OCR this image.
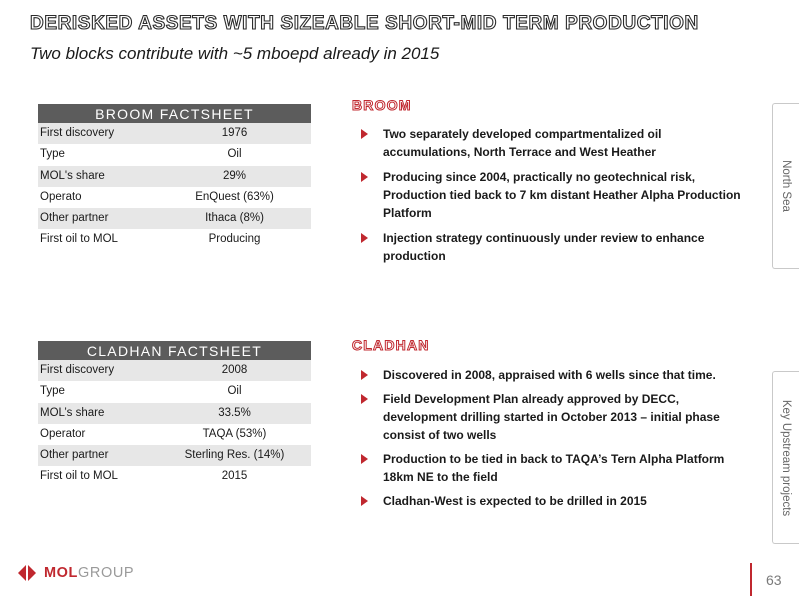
DERISKED ASSETS WITH SIZEABLE SHORT-MID TERM PRODUCTION
Two blocks contribute with ~5 mboepd already in 2015
BROOM FACTSHEET
First discovery	1976
Type	Oil
MOL's share	29%
Operato	EnQuest (63%)
Other partner	Ithaca (8%)
First oil to MOL	Producing
CLADHAN FACTSHEET
First discovery	2008
Type	Oil
MOL’s share	33.5%
Operator	TAQA (53%)
Other partner	Sterling Res. (14%)
First oil to MOL	2015
BROOM
Two separately developed compartmentalized oil accumulations, North Terrace and West Heather
Producing since 2004, practically no geotechnical risk, Production tied back to 7 km distant Heather Alpha Production Platform
Injection strategy continuously under review to enhance production
CLADHAN
Discovered in 2008, appraised with 6 wells since that time.
Field Development Plan already approved by DECC, development drilling started in October 2013 – initial phase consist of two wells
Production to be tied in back to TAQA’s Tern Alpha Platform 18km NE to the field
Cladhan-West is expected to be drilled in 2015
North Sea
Key Upstream projects
MOLGROUP	63
